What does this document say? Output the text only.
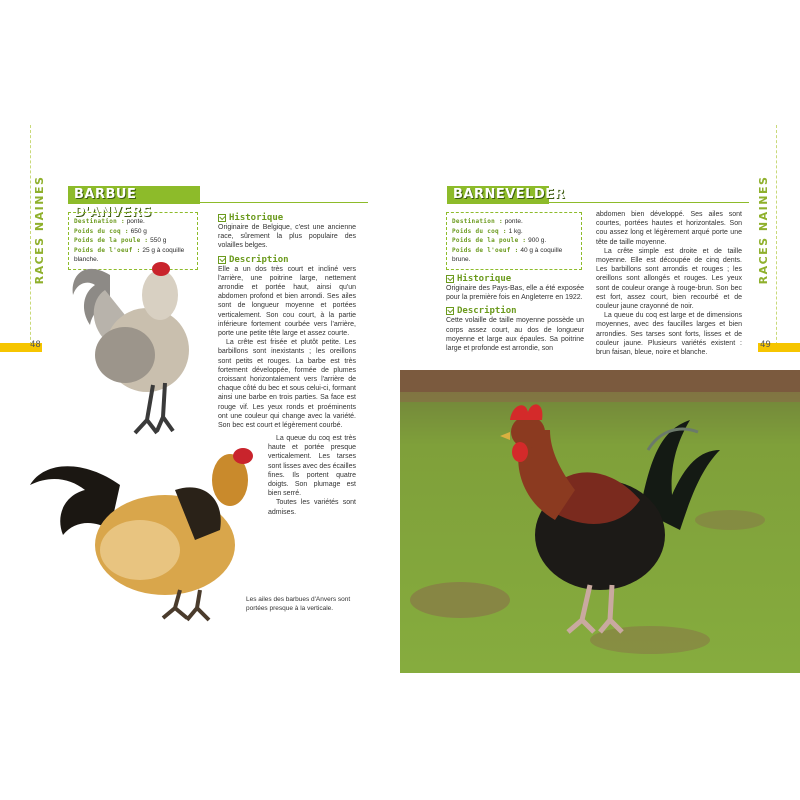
RACES NAINES
48
BARBUE D'ANVERS
Destination : ponte.
Poids du coq : 650 g
Poids de la poule : 550 g
Poids de l'oeuf : 25 g à coquille blanche.
Historique

Originaire de Belgique, c'est une ancienne race, sûrement la plus populaire des volailles belges.

Description

Elle a un dos très court et incliné vers l'arrière, une poitrine large, nettement arrondie et portée haut, ainsi qu'un abdomen profond et bien arrondi. Ses ailes sont de longueur moyenne et portées verticalement. Son cou court, à la partie inférieure fortement courbée vers l'arrière, porte une petite tête large et assez courte.

La crête est frisée et plutôt petite. Les barbillons sont inexistants ; les oreillons sont petits et rouges. La barbe est très fortement développée, formée de plumes croissant horizontalement vers l'arrière de chaque côté du bec et sous celui-ci, formant ainsi une barbe en trois parties. Sa face est rouge vif. Les yeux ronds et proéminents ont une couleur qui change avec la variété. Son bec est court et légèrement courbé.

La queue du coq est très haute et portée presque verticalement. Les tarses sont lisses avec des écailles fines. Ils portent quatre doigts. Son plumage est bien serré.

Toutes les variétés sont admises.

Les ailes des barbues d'Anvers sont portées presque à la verticale.
RACES NAINES
49
BARNEVELDER
Destination : ponte.
Poids du coq : 1 kg.
Poids de la poule : 900 g.
Poids de l'oeuf : 40 g à coquille brune.
Historique

Originaire des Pays-Bas, elle a été exposée pour la première fois en Angleterre en 1922.

Description

Cette volaille de taille moyenne possède un corps assez court, au dos de longueur moyenne et large aux épaules. Sa poitrine large et profonde est arrondie, son

abdomen bien développé. Ses ailes sont courtes, portées hautes et horizontales. Son cou assez long et légèrement arqué porte une tête de taille moyenne.

La crête simple est droite et de taille moyenne. Elle est découpée de cinq dents. Les barbillons sont arrondis et rouges ; les oreillons sont allongés et rouges. Les yeux sont de couleur orange à rouge-brun. Son bec est fort, assez court, bien recourbé et de couleur jaune crayonné de noir.

La queue du coq est large et de dimensions moyennes, avec des faucilles larges et bien arrondies. Ses tarses sont forts, lisses et de couleur jaune. Plusieurs variétés existent : brun faisan, bleue, noire et blanche.
